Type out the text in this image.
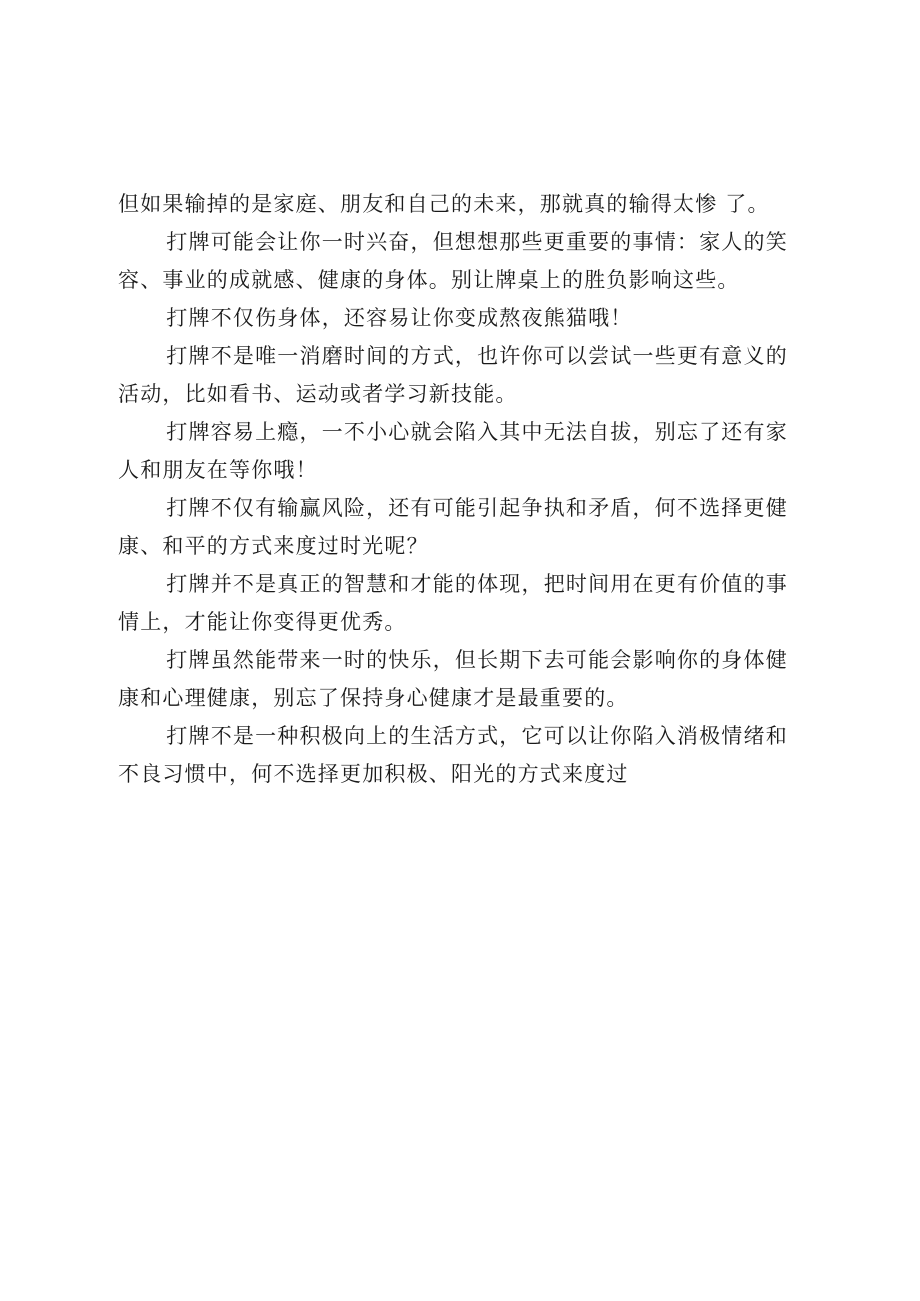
但如果输掉的是家庭、朋友和自己的未来，那就真的输得太惨 了。

打牌可能会让你一时兴奋，但想想那些更重要的事情：家人的笑容、事业的成就感、健康的身体。别让牌桌上的胜负影响这些。

打牌不仅伤身体，还容易让你变成熬夜熊猫哦！

打牌不是唯一消磨时间的方式，也许你可以尝试一些更有意义的活动，比如看书、运动或者学习新技能。

打牌容易上瘾，一不小心就会陷入其中无法自拔，别忘了还有家人和朋友在等你哦！

打牌不仅有输赢风险，还有可能引起争执和矛盾，何不选择更健康、和平的方式来度过时光呢？

打牌并不是真正的智慧和才能的体现，把时间用在更有价值的事情上，才能让你变得更优秀。

打牌虽然能带来一时的快乐，但长期下去可能会影响你的身体健康和心理健康，别忘了保持身心健康才是最重要的。

打牌不是一种积极向上的生活方式，它可以让你陷入消极情绪和不良习惯中，何不选择更加积极、阳光的方式来度过
